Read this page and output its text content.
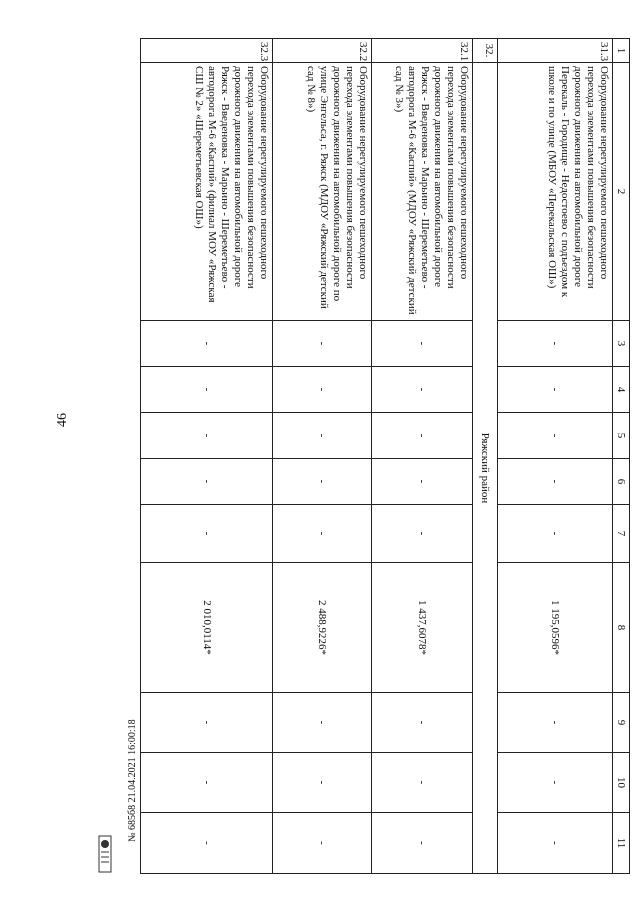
46
1	2	3	4	5	6	7	8	9	10	11
31.3	Оборудование нерегулируемого пешеходного перехода элементами повышения безопасности дорожного движения на автомобильной дороге Перекаль - Городище - Недостоево с подъездом к школе и по улице (МБОУ «Перекальская ОШ»)	-	-	-	-	-	1 195,0596*	-	-	-
32.	Ряжский район									
32.1	Оборудование нерегулируемого пешеходного перехода элементами повышения безопасности дорожного движения на автомобильной дороге Ряжск - Введеновка - Марьино - Шереметьево - автодорога М-6 «Каспий» (МДОУ «Ряжский детский сад № 3»)	-	-	-	-	-	1 437,6078*	-	-	-
32.2	Оборудование нерегулируемого пешеходного перехода элементами повышения безопасности дорожного движения на автомобильной дороге по улице Энгельса, г. Ряжск (МДОУ «Ряжский детский сад № 8»)	-	-	-	-	-	2 488,9226*	-	-	-
32.3	Оборудование нерегулируемого пешеходного перехода элементами повышения безопасности дорожного движения на автомобильной дороге Ряжск - Введеновка - Марьино - Шереметьево - автодорога М-6 «Каспий» (филиал МОУ «Ряжская СШ № 2» «Шереметьевская ОШ»)	-	-	-	-	-	2 010,0114*	-	-	-
№ 685б8 21.04.2021 16:00:18
